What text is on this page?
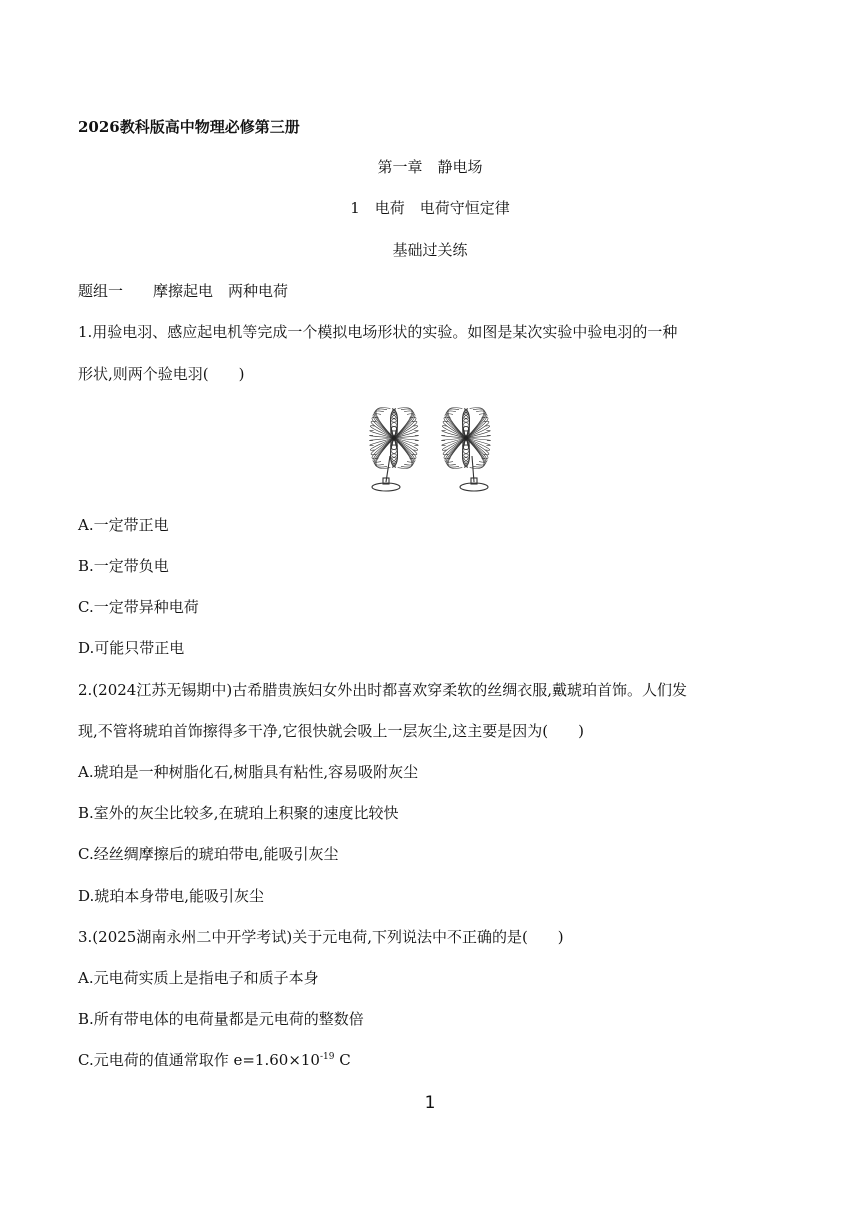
2026教科版高中物理必修第三册
第一章　静电场
1　电荷　电荷守恒定律
基础过关练
题组一　　摩擦起电　两种电荷
1.用验电羽、感应起电机等完成一个模拟电场形状的实验。如图是某次实验中验电羽的一种
形状,则两个验电羽(　　)
A.一定带正电
B.一定带负电
C.一定带异种电荷
D.可能只带正电
2.(2024江苏无锡期中)古希腊贵族妇女外出时都喜欢穿柔软的丝绸衣服,戴琥珀首饰。人们发
现,不管将琥珀首饰擦得多干净,它很快就会吸上一层灰尘,这主要是因为(　　)
A.琥珀是一种树脂化石,树脂具有粘性,容易吸附灰尘
B.室外的灰尘比较多,在琥珀上积聚的速度比较快
C.经丝绸摩擦后的琥珀带电,能吸引灰尘
D.琥珀本身带电,能吸引灰尘
3.(2025湖南永州二中开学考试)关于元电荷,下列说法中不正确的是(　　)
A.元电荷实质上是指电子和质子本身
B.所有带电体的电荷量都是元电荷的整数倍
C.元电荷的值通常取作 $e=1.60\times 10^{-19}$ C
1
